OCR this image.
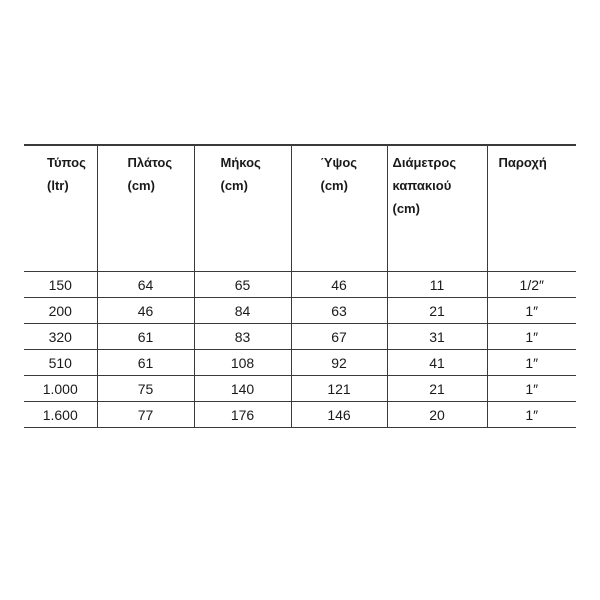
Τύπος (ltr)	Πλάτος (cm)	Μήκος (cm)	Ύψος (cm)	Διάμετρος καπακιού (cm)	Παροχή

150	64	65	46	11	1/2″
200	46	84	63	21	1″
320	61	83	67	31	1″
510	61	108	92	41	1″
1.000	75	140	121	21	1″
1.600	77	176	146	20	1″
